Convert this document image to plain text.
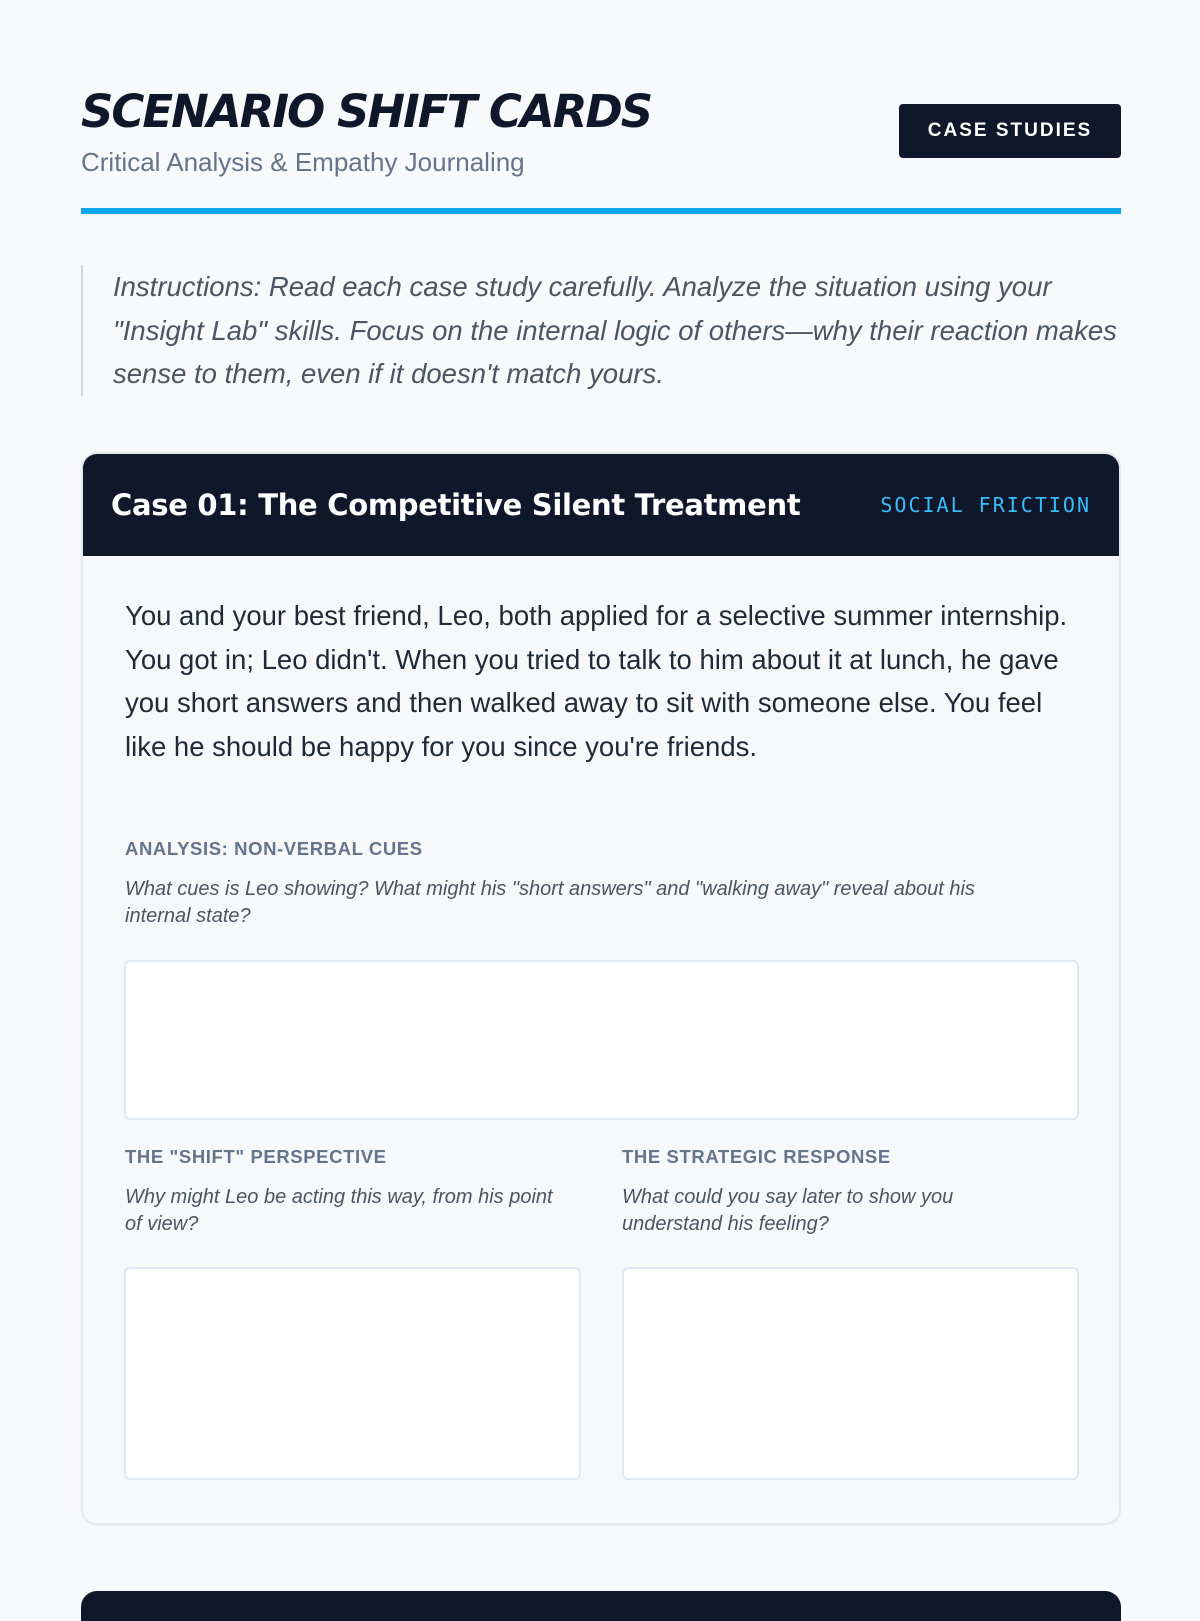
SCENARIO SHIFT CARDS
Critical Analysis & Empathy Journaling
CASE STUDIES
Instructions: Read each case study carefully. Analyze the situation using your "Insight Lab" skills. Focus on the internal logic of others—why their reaction makes sense to them, even if it doesn't match yours.
Case 01: The Competitive Silent Treatment	SOCIAL FRICTION
You and your best friend, Leo, both applied for a selective summer internship. You got in; Leo didn't. When you tried to talk to him about it at lunch, he gave you short answers and then walked away to sit with someone else. You feel like he should be happy for you since you're friends.
ANALYSIS: NON-VERBAL CUES
What cues is Leo showing? What might his "short answers" and "walking away" reveal about his internal state?
THE "SHIFT" PERSPECTIVE
Why might Leo be acting this way, from his point of view?
THE STRATEGIC RESPONSE
What could you say later to show you understand his feeling?
